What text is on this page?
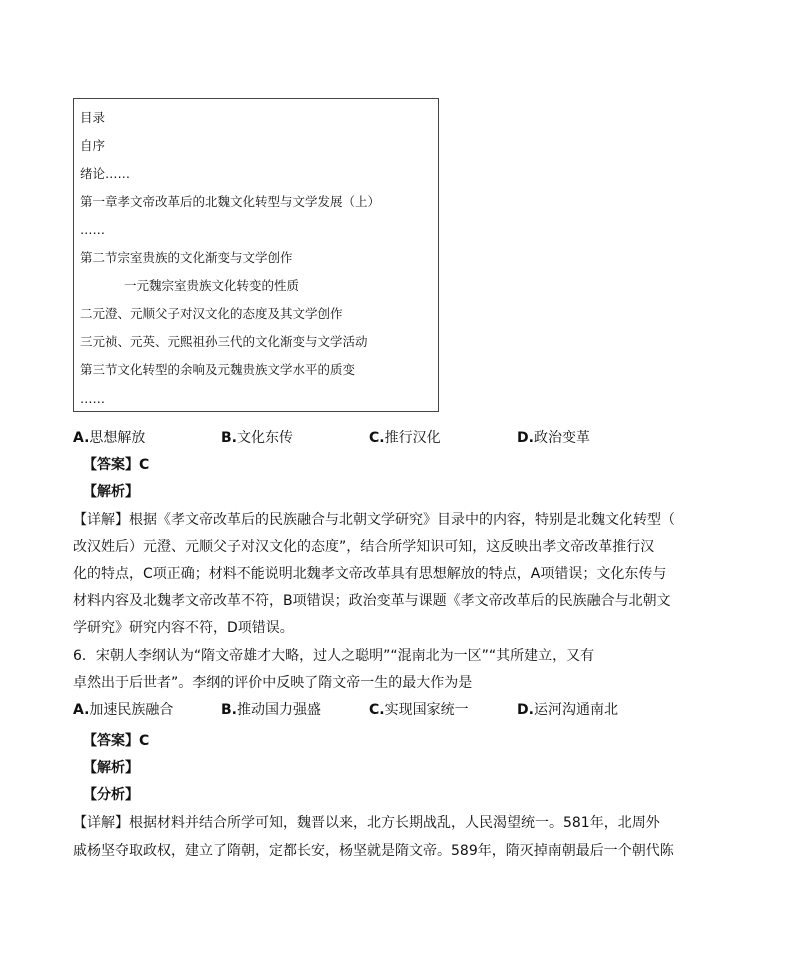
目录
自序
绪论……
第一章孝文帝改革后的北魏文化转型与文学发展（上）
……
第二节宗室贵族的文化渐变与文学创作
一元魏宗室贵族文化转变的性质
二元澄、元顺父子对汉文化的态度及其文学创作
三元祯、元英、元熙祖孙三代的文化渐变与文学活动
第三节文化转型的余响及元魏贵族文学水平的质变
……
A.思想解放	B.文化东传	C.推行汉化	D.政治变革
【答案】C
【解析】
【详解】根据《孝文帝改革后的民族融合与北朝文学研究》目录中的内容，特别是北魏文化转型（
改汉姓后）元澄、元顺父子对汉文化的态度”，结合所学知识可知，这反映出孝文帝改革推行汉
化的特点，C项正确；材料不能说明北魏孝文帝改革具有思想解放的特点，A项错误；文化东传与
材料内容及北魏孝文帝改革不符，B项错误；政治变革与课题《孝文帝改革后的民族融合与北朝文
学研究》研究内容不符，D项错误。
6．宋朝人李纲认为“隋文帝雄才大略，过人之聪明”“混南北为一区”“其所建立，又有
卓然出于后世者”。李纲的评价中反映了隋文帝一生的最大作为是
A.加速民族融合	B.推动国力强盛	C.实现国家统一	D.运河沟通南北
【答案】C
【解析】
【分析】
【详解】根据材料并结合所学可知，魏晋以来，北方长期战乱，人民渴望统一。581年，北周外
戚杨坚夺取政权，建立了隋朝，定都长安，杨坚就是隋文帝。589年，隋灭掉南朝最后一个朝代陈
